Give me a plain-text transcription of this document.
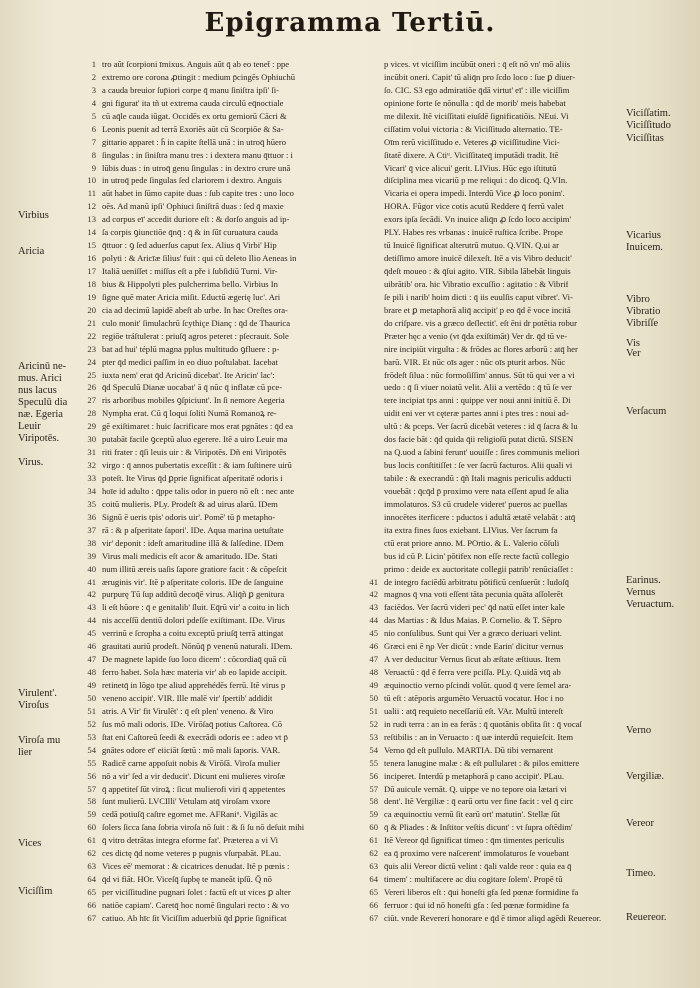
Epigramma Tertiū.
1 tro aūt ſcorpioni īmixus. Anguis aūt q̄ ab eo tenet̄ : ppe
2 extremo ore corona ꝓtingit : medium p̄cingēs Ophiuchū
3 a cauda breuior ſup̄iori corpe q̄ manu ſiniſtra ipſi' ſi-
4 gni figurat' ita tñ ut extrema cauda circulū eq̄noctiale
5 cū aq̄le cauda iūgat. Occidēs ex ortu gemiorū Cācri &
6 Leonis puenit ad terrā Exoriēs aūt cū Scorpiōe & Sa-
7 gittario apparet : h̄ in capite ſtellā unā : in utroq̄ hūero
8 ſingulas : in ſiniſtra manu tres : i dextera manu q̄ttuor : i
9 lūbis duas : in utroq̄ genu ſingulas : in dextro crure unā
10 in utroq̄ pede ſingulas ſed clariorem i dextro. Anguis
11 aūt habet in ſūmo capite duas : ſub capite tres : uno loco
12 oēs. Ad manū ipſi' Ophiuci ſiniſtrā duas : ſed q̄ maxie
13 ad corpus eī' accedit duriore eſt : & dorſo anguis ad ip-
14 ſa corpis ꝯiunctiōe q̄nq̄ : q̄ & in ſūī curuatura cauda
15 q̄ttuor : ꝯ ſed aduerſus caput ſex. Alius q̄ Virbi' Hip
16 polyti : & Aricīæ ſilius' fuit : qui cū deleto Ilio Aeneas in
17 Italiā ueniſſet : miſſus eſt a pře i ſubſidiū Turni. Vir-
18 bius & Hippolyti ples pulcherrima bello. Virbius In
19 ſigne quē mater Aricia miſit. Eductū ægerię luc'. Ari
20 cia ad decimū lapidē abeſt ab urbe. In hac Oreſtes ora-
21 culo monit' ſimulachrū ſcythiçe Dianç : q̄d de Thaurica
22 regiōe tráſtulerat : priuſq̄ agros peteret : pſecrauit. Sole
23 bat ad hui' téplū magna pplus multitudo ꝯfluere : p-
24 pter q̄d medici paſſim in eo diuo poſtulabat. Iacebat
25 iuxta nem' erat q̄d Aricinū dicebat'. Ite Aricin' lac':
26 q̄d Speculū Dianæ uocabat' ā q̄ nūc q̄ inflatæ cū pce-
27 ris arboribus mobiles ꝯſpiciunt'. In ſi nemore Aegeria
28 Nympha erat. Cū q̄ loqui ſoliti Numā Romanoꝝ re-
29 gē exiſtimaret : huic ſacrificare mos erat pgnātes : q̄d ea
30 putabāt facile ꝯceptū aluo egerere. Itē a uiro Leuir ma
31 riti frater : q̄ſi leuis uir : & Viripotēs. Dñ eni Viripotēs
32 virgo : q̄ annos pubertatis exceſſit : & iam ſuſtinere uirū
33 poteſt. Ite Virus q̄d ꝑprie ſignificat aſperitatē odoris i
34 hoīe id adulto : q̄ppe talis odor in puero nō eſt : nec ante
35 coitū mulieris. PLy. Prodeſt & ad uirus alarū. IDem
36 Signū ē ueris tpis' odoris uir'. Pomē' tū p̄ metapho-
37 rā : & p aſperitate ſapori'. IDe. Aqua marina uetuſtate
38 vir' deponit : ideſt amaritudine illā & ſalſedine. IDem
39 Virus mali medicis eſt acor & amaritudo. IDe. Stati
40 num illitū æreis uaſis ſapore gratiore facit : & cōpeſcit
41 æruginis vir'. Itē p aſperitate coloris. IDe de ſanguine
42 purpurę Tū ſup additū decoq̄ē virus. Aliq̄ñ ꝑ genitura
43 li eſt hūore : q̄ e genitalib' ſluit. Eq̄rū vir' a coitu in lich
44 nis acceſſū dentiū dolori pdeſſe exiſtimant. IDe. Virus
45 verrinū e ſcropha a coitu exceptū priuſq̄ terrā attingat
46 grauitati auriū prodeſt. Nōnūq̄ p̄ venenū naturali. IDem.
47 De magnete lapide ſuo loco dicem' : cōcordiaq̄ quā cū
48 ferro habet. Sola hæc materia vir' ab eo lapide accipit.
49 retinetq̄ in lōgo tpe aliud apprehédēs ferrū. Itē virus p
50 veneno accipit'. VIR. Ille malē vir' ſpertib' addidit
51 atris. A Vir' fit Virulēt' : q̄ eſt plen' veneno. & Viro
52 ſus mō mali odoris. IDe. Virōſaq̄ potius Caſtorea. Cō
53 ſtat eni Caſtoreū ſeedi & execrādi odoris ee : adeo vt p̄
54 gnātes odore eī' eiiciāt ſœtū : mō mali ſaporis. VAR.
55 Radicē carne appoſuit nobis & Virōſā. Viroſa mulier
56 nō a vir' ſed a vir deducit'. Dicunt eni mulieres viroſæ
57 q̄ appetiteſ ſūt viroꝝ : ſicut mulierofi viri q̄ appetentes
58 ſunt mulierū. LVCIlli' Vetulam atq̄ viroſam vxore
59 cedā potiuſq̄ caſtre egomet me. AFRaniᵘ. Vigilās ac
60 ſolers ſicca ſana ſobria viroſa nō ſuit : & ſi ſu nō deſuit mihi
61 q̄ vitro detrātas integra eforme fat'. Præterea a vi Vi
62 ces dictę q̄d nome veteres p pugnis vſurpabāt. PLau.
63 Vices eē' memorat : & cicatrices denudat. Itē p pœnis :
64 q̄d vi fiāt. HOr. Viceſq̄ ſupbę te maneāt ipſū. Q̄ nō
65 per viciſſitudine pugnari ſolet : factū eſt ut vices ꝑ alter
66 natiōe capiam'. Caretq̄ hoc nomē ſingulari recto : & vo
67 catiuo. Ab hīc ſit Viciſſim aduerbiū q̄d ꝑprie ſignificat
p vices. vt viciſſim incūbūt oneri : q̄ eſt nō vn' mō aliis
incūbit oneri. Capit' tū aliq̄n pro ſcdo loco : ſue ꝑ diuer-
ſo. CIC. S3 ego admiratiōe q̄dā virtut' eī' : ille viciſſim
opinione forte ſe nōnulla : q̄d de morib' meis habebat
me dilexit. Itē viciſſitati eiuſdē ſignificatiōis. NEui. Vi
ciſſatim volui victoria : & Viciſſitudo alternatio. TE-
Oīm rerū viciſſitudo e. Veteres ꝓ viciſſitudine Vici-
ſitatē dixere. A Ctiᵘ. Viciſſitateq̄ imputādi tradit. Itē
Vicari' q̄ vice alicui' gerit. LIVius. Hūc ego iſtitutū
diſciplina mea vicariū p me reliqui : do dicoq̄. Q.VIn.
Vicaria ei opera impedi. Interdū Vice ꝓ loco ponim'.
HORA. Fūgor vice cotis acutū Reddere q̄ ferrū valet
exors ipſa ſecādi. Vn inuice aliq̄n ꝓ ſcdo loco accipim'
PLY. Habes res vrbanas : inuicē ruſtica ſcribe. Prope
tū Inuicē ſignificat alterutrū mutuo. Q.VIN. Q.ui ar
detiſſimo amore inuicē dilexeſt. Itē a vis Vibro deducit'
q̄deſt moueo : & q̄ſui agito. VIR. Sibila lābebāt linguis
uibrātib' ora. hic Vibratio excuſſio : agitatio : & Vibrif
ſe pili i narib' hoim dicti : q̄ iis euulſis caput vibret'. Vi-
brare et ꝑ metaphorā aliq̄ accipit' p eo q̄d ē voce incitā
do criſpare. vis a græco deſlectit'. eſt ēni dr potētia robur
Præter hęc a venio (vt q̄da exiſtimāt) Ver dr. q̄d tū ve-
nire incipiūt virgulta : & frōdes ac flores arborū : atq̄ her
barū. VIR. Et nūc oīs ager : nūc oīs pturit arbos. Nūc
frōdeſt ſilua : nūc formoſiſſim' annus. Sūt tū qui ver a vi
uedo : q̄ ſi viuer noiatū velit. Alii a vertēdo : q̄ tū ſe ver
tere incipiat tps anni : quippe ver noui anni initiū ē. Di
uidit eni ver vt cęteræ partes anni i ptes tres : noui ad-
ultū : & pceps. Ver ſacrū dicebāt veteres : id q̄ ſacra & lu
dos facie bāt : q̄d quida q̄ii religioſū putat dictū. SISEN
na Q.uod a ſabini ferunt' uouiſſe : ſires communis meliori
bus locis conſtitiſſet : ſe ver ſacrū facturos. Alii quali vi
tabile : & execrandū : q̄ñ Itali magnis periculis adducti
vouebāt : q̄cq̄d p̄ proximo vere nata eſſent apud ſe alia
immolaturos. S3 cū crudele videret' pueros ac puellas
innocētes iterficere : pductos i adultā ætatē velabāt : atq̄
ita extra fines ſuos exiebant. LIVius. Ver ſacrum fa
ctū erat priore anno. M. POrtio. & L. Valerio cōſuli
bus id cū P. Licin' pōtifex non eſſe recte factū collegio
primo : deide ex auctoritate collegii patrib' renūciaſſet :
41 de integro faciēdū arbitratu pōtificū cenſuerūt : ludoſq̄
42 magnos q̄ vna voti eſſent tāta pecunia quāta aſſolerēt
43 faciēdos. Ver ſacrū videri pec' q̄d natū eſſet inter kale
44 das Martias : & Idus Maias. P. Cornelio. & T. Sēpro
45 nio conſulibus. Sunt qui Ver a græco deriuari velint.
46 Græci eni ē ηρ Ver dicūt : vnde Earin' dicitur vernus
47 A ver deducitur Vernus ſicut ab æſtate æſtiuus. Item
48 Veruactū : q̄d ē ferra vere pciſſa. PLy. Q.uidā vtq̄ ab
49 æquinoctio verno pſcindi volūt. quod q̄ vere ſemel ara-
50 tū eſt : atēporis argumēto Veruactū vocatur. Hoc i no
51 ualii : atq̄ requieto neceſſariū eſt. VAr. Multū intereſt
52 in rudi terra : an in ea ferās : q̄ quotānis obſita ſit : q̄ vocaſ
53 reſtibilis : an in Veruacto : q̄ uæ interdū requieſcit. Item
54 Verno q̄d eſt pullulo. MARTIA. Dū tibi vernarent
55 tenera lanugine malæ : & eſt pullularet : & pilos emittere
56 inciperet. Interdū p metaphorā p cano accipit'. PLau.
57 Dū auicule vernāt. Q. uippe ve no tepore oia lætari vi
58 dent'. Itē Vergiliæ : q̄ earū ortu ver fine facit : vel q̄ circ
59 ca æquinoctiu vernū ſit earū ort' matutin'. Stellæ ſūt
60 q̄ & Pliades : & Inſtitor veſtis dicunt' : vt ſupra oſtēdim'
61 Itē Vereor q̄d ſignificat timeo : q̄m timentes periculis
62 ea q̄ proximo vere naſcerent' immolaturos ſe vouebant
63 q̄uis alii Vereor dictū velint : q̄ali valde reor : quia ea q̄
64 timem' : multifacere ac diu cogitare ſolem'. Propē tū
65 Vereri liberos eſt : q̄ui honeſti gfa ſed pœnæ formidine fa
66 ferruor : q̄ui id nō honeſti gfa : ſed pœnæ formidine fa
67 ciūt. vnde Revereri honorare e q̄d ē timor aliqd agēdi Reuereor.
Virbius
Aricia
Aricinū ne-
mus. Arici
nus lacus
Speculū dia
næ. Egeria
Leuir
Viripotēs.
Virus.
Virulent'.
Viroſus
Viroſa mu
lier
Vices
Viciſſim
Viciſſatim.
Viciſſitudo
Viciſſitas
Vicarius
Inuicem.
Vibro
Vibratio
Vibriſſe
Vis
Ver
Verſacum
Earinus.
Vernus
Veruactum.
Verno
Vergiliæ.
Vereor
Timeo.
Reuereor.
